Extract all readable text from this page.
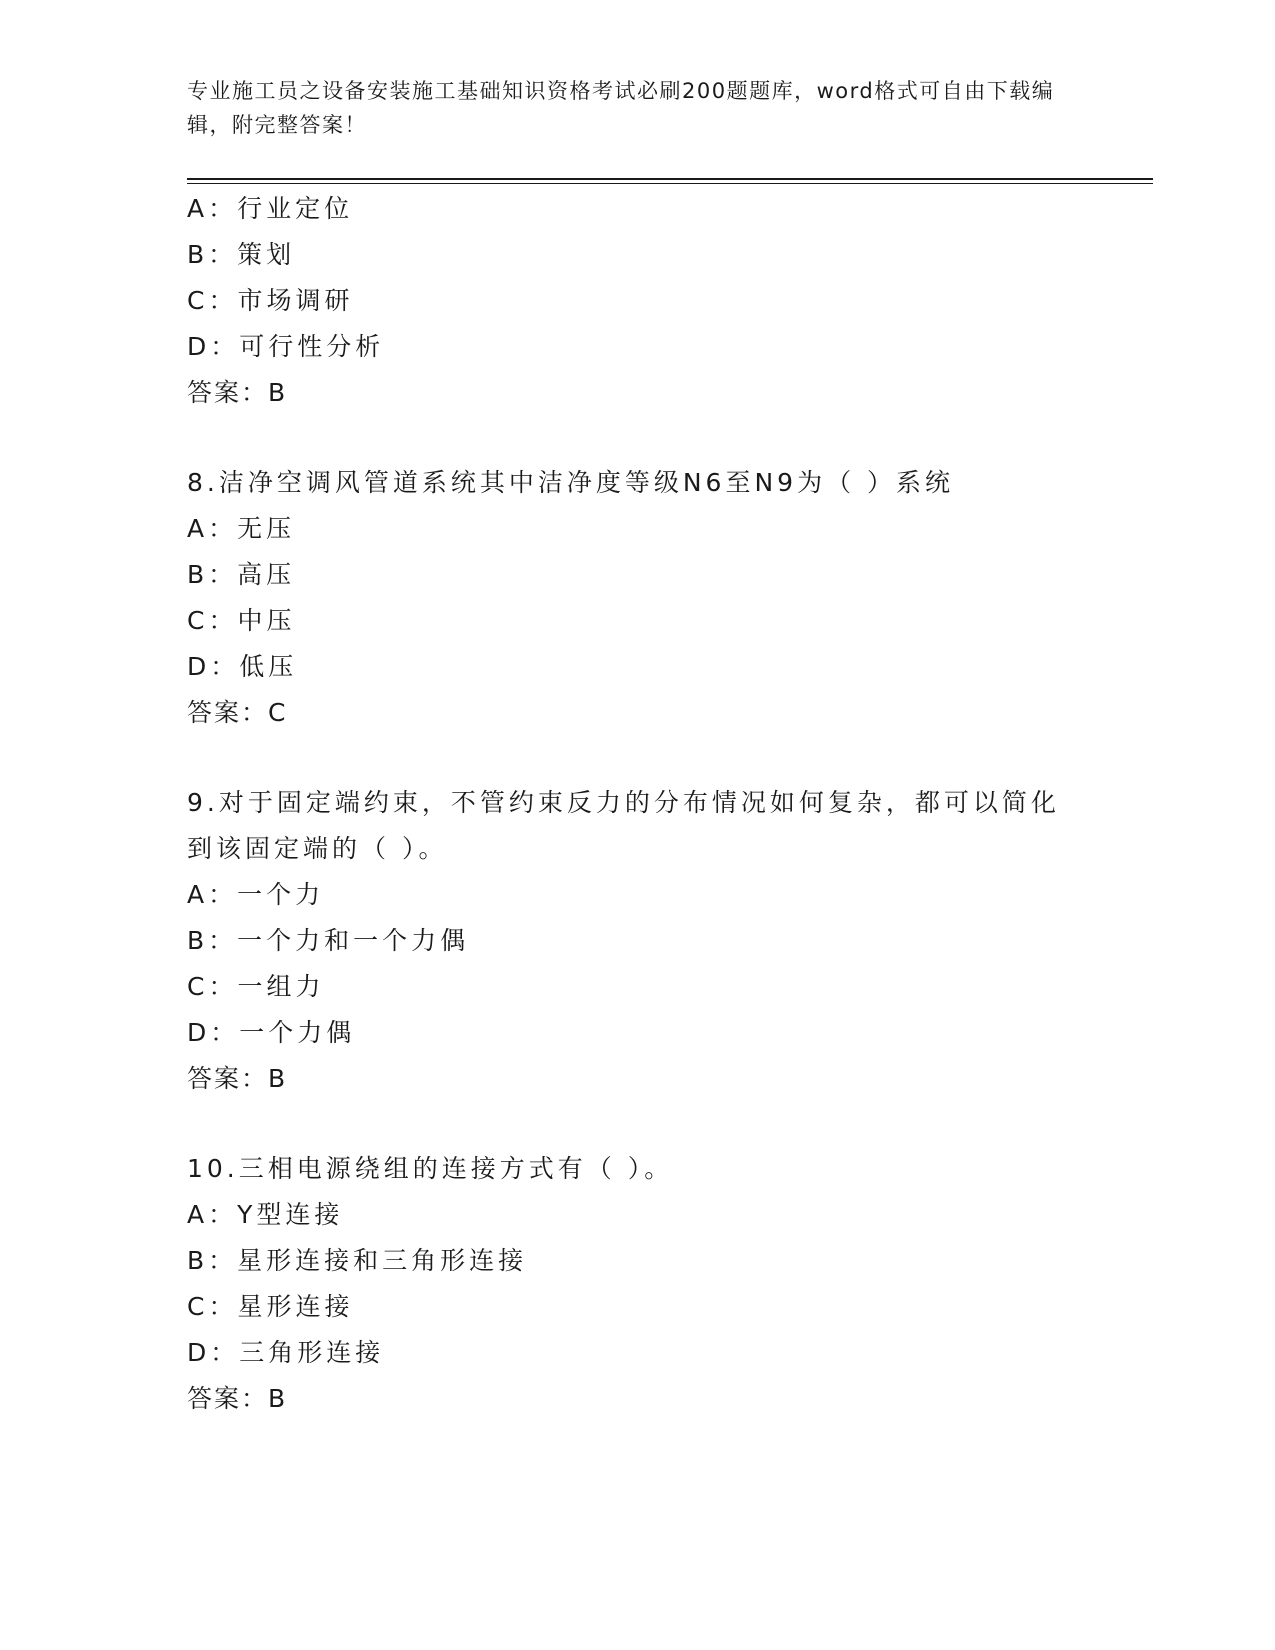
专业施工员之设备安装施工基础知识资格考试必刷200题题库，word格式可自由下载编辑，附完整答案！
A：行业定位
B：策划
C：市场调研
D：可行性分析
答案：B
8.洁净空调风管道系统其中洁净度等级N6至N9为（ ）系统
A：无压
B：高压
C：中压
D：低压
答案：C
9.对于固定端约束，不管约束反力的分布情况如何复杂，都可以简化到该固定端的（ ）。
A：一个力
B：一个力和一个力偶
C：一组力
D：一个力偶
答案：B
10.三相电源绕组的连接方式有（ ）。
A：Y型连接
B：星形连接和三角形连接
C：星形连接
D：三角形连接
答案：B
